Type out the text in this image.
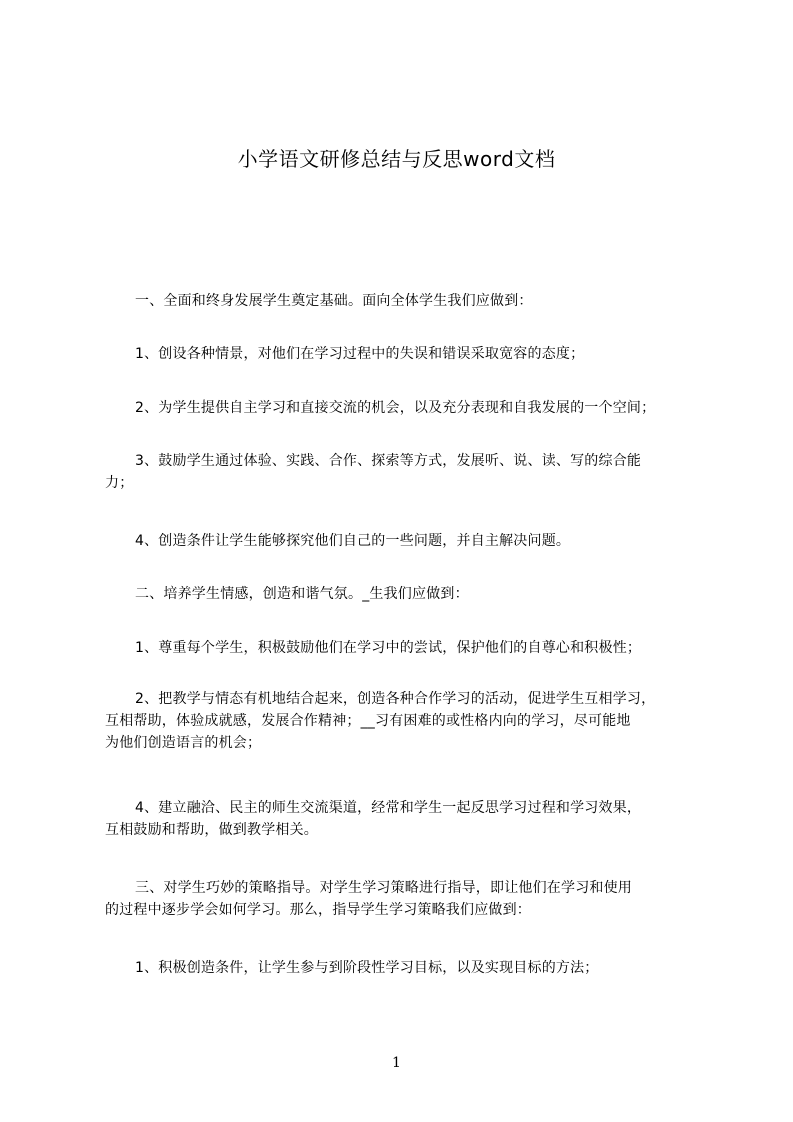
小学语文研修总结与反思word文档
一、全面和终身发展学生奠定基础。面向全体学生我们应做到：
1、创设各种情景，对他们在学习过程中的失误和错误采取宽容的态度；
2、为学生提供自主学习和直接交流的机会，以及充分表现和自我发展的一个空间；
3、鼓励学生通过体验、实践、合作、探索等方式，发展听、说、读、写的综合能
力；
4、创造条件让学生能够探究他们自己的一些问题，并自主解决问题。
二、培养学生情感，创造和谐气氛。_生我们应做到：
1、尊重每个学生，积极鼓励他们在学习中的尝试，保护他们的自尊心和积极性；
2、把教学与情态有机地结合起来，创造各种合作学习的活动，促进学生互相学习，
互相帮助，体验成就感，发展合作精神；__习有困难的或性格内向的学习，尽可能地
为他们创造语言的机会；
4、建立融洽、民主的师生交流渠道，经常和学生一起反思学习过程和学习效果，
互相鼓励和帮助，做到教学相关。
三、对学生巧妙的策略指导。对学生学习策略进行指导，即让他们在学习和使用
的过程中逐步学会如何学习。那么，指导学生学习策略我们应做到：
1、积极创造条件，让学生参与到阶段性学习目标，以及实现目标的方法；
1
